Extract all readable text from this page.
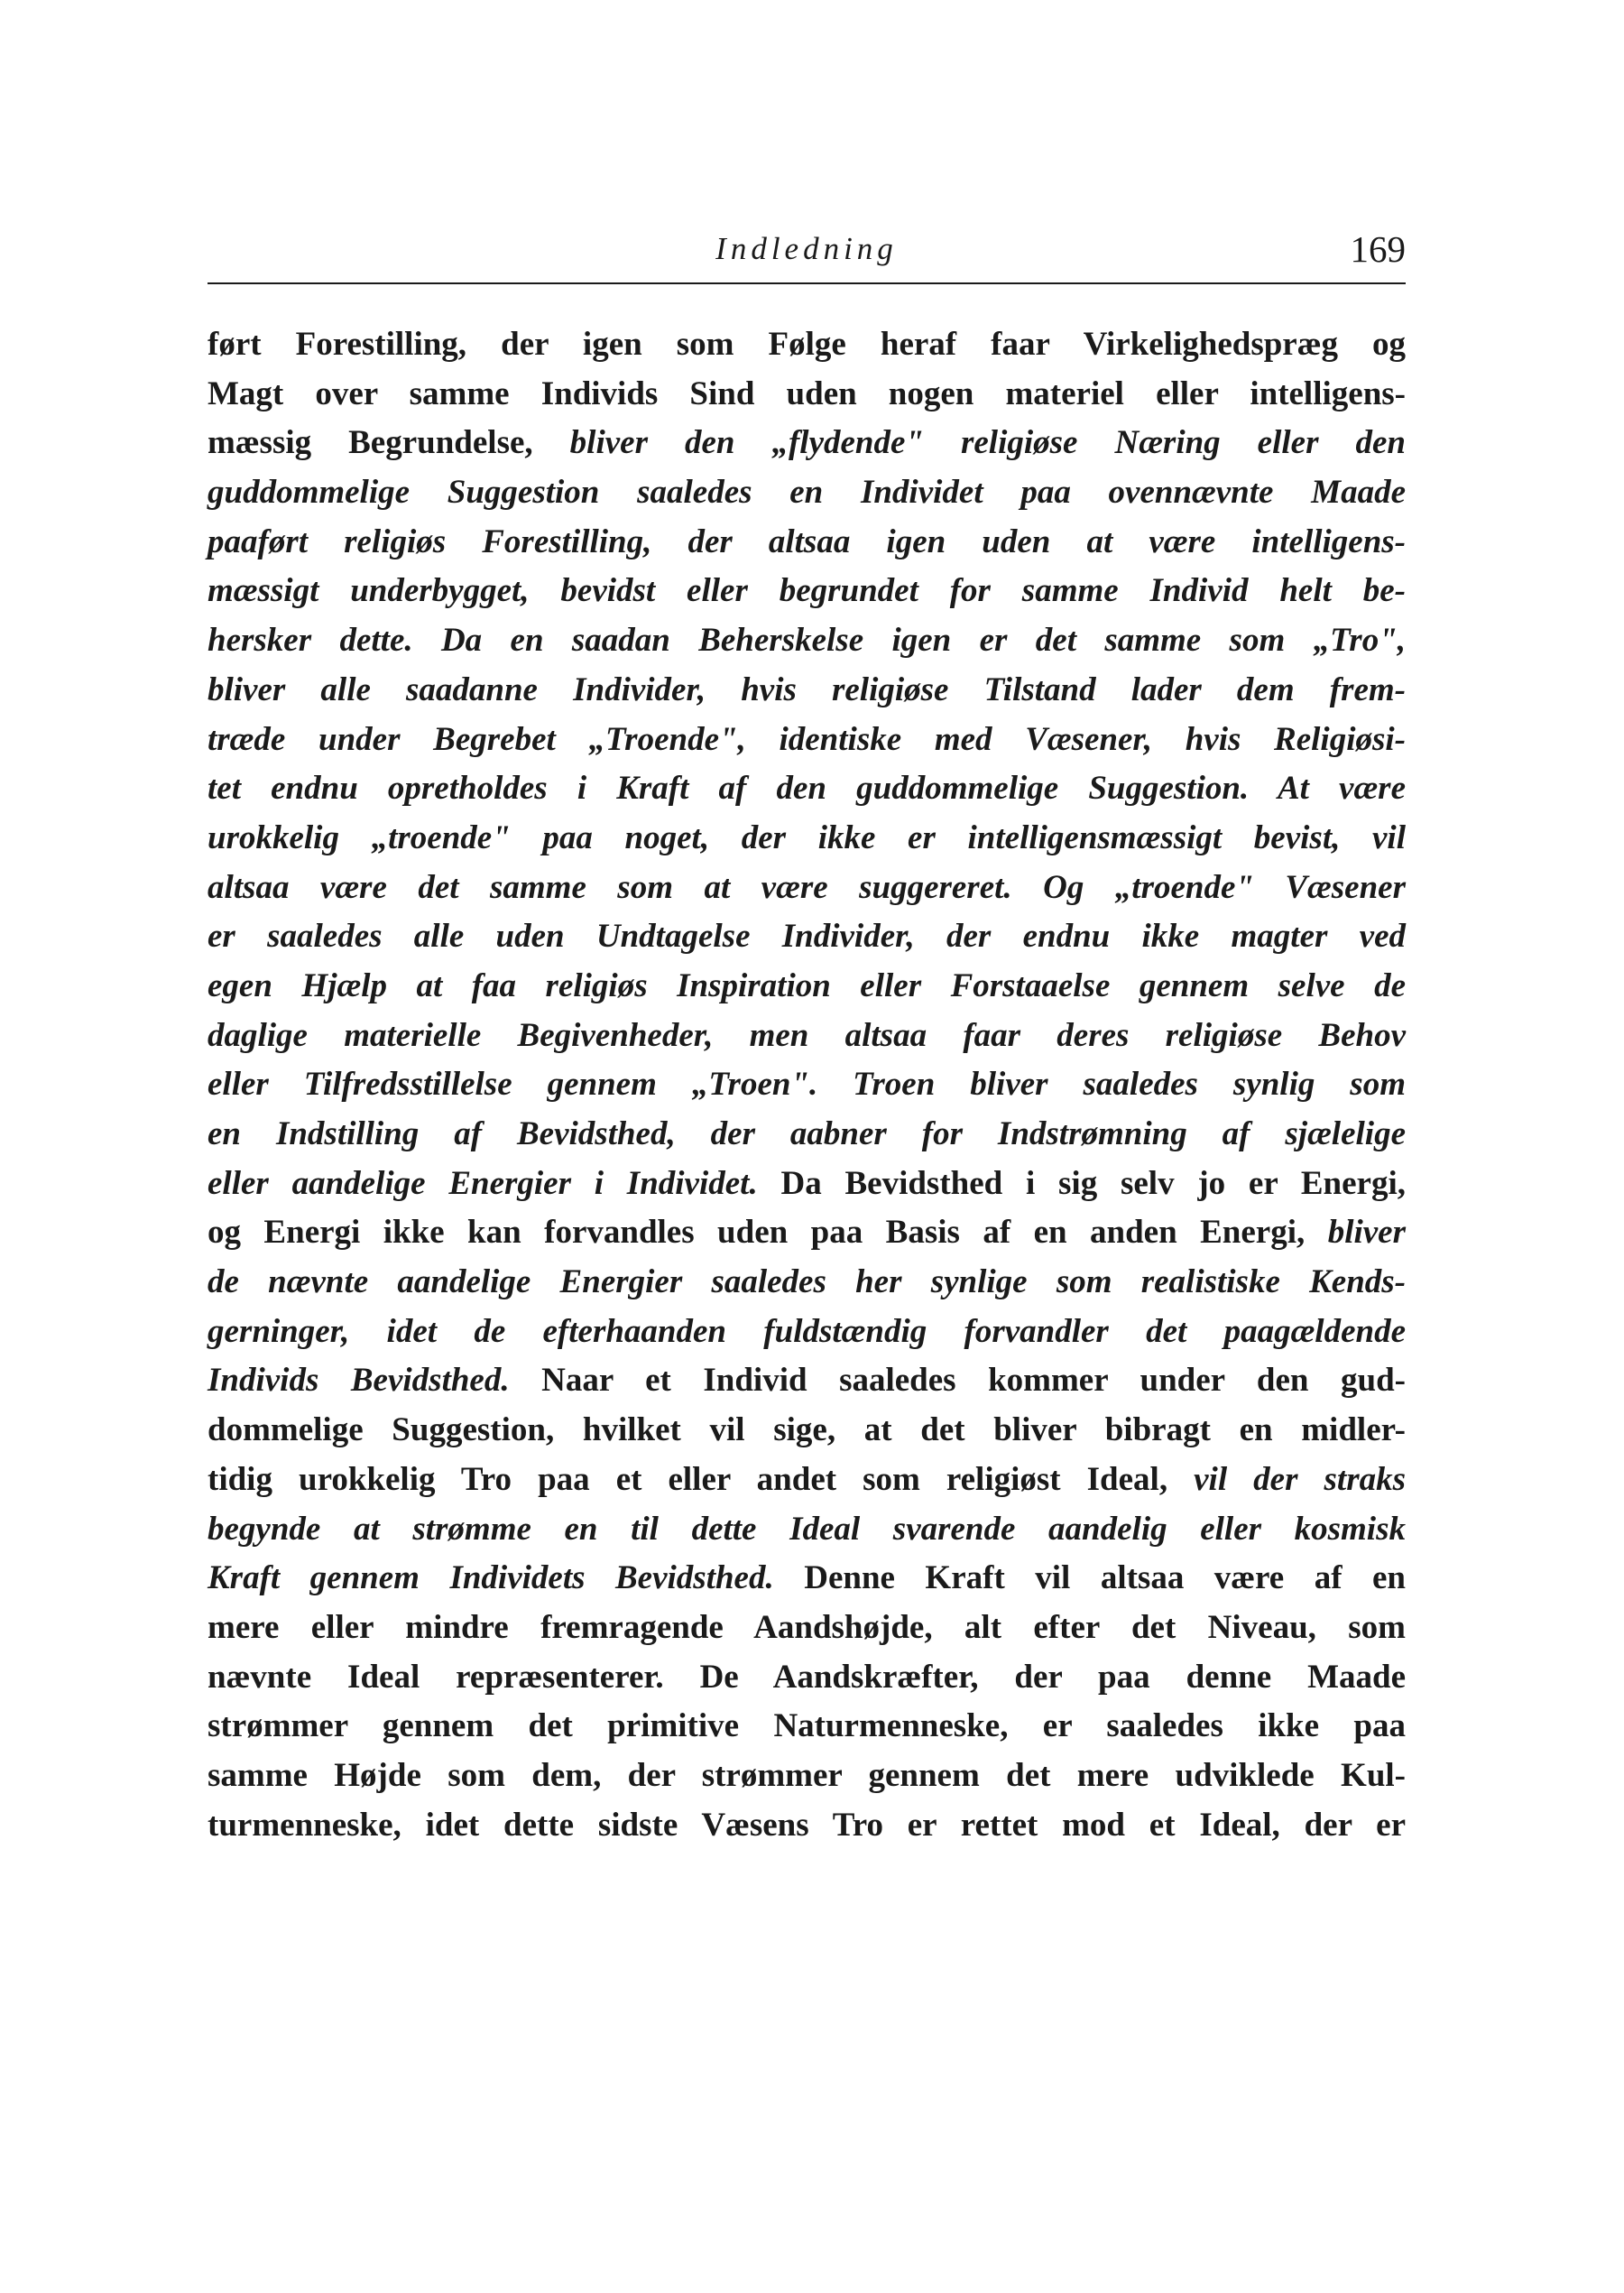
Indledning	169
ført Forestilling, der igen som Følge heraf faar Virkelighedspræg og
Magt over samme Individs Sind uden nogen materiel eller intelligens-
mæssig Begrundelse, bliver den „flydende" religiøse Næring eller den
guddommelige Suggestion saaledes en Individet paa ovennævnte Maade
paaført religiøs Forestilling, der altsaa igen uden at være intelligens-
mæssigt underbygget, bevidst eller begrundet for samme Individ helt be-
hersker dette. Da en saadan Beherskelse igen er det samme som „Tro",
bliver alle saadanne Individer, hvis religiøse Tilstand lader dem frem-
træde under Begrebet „Troende", identiske med Væsener, hvis Religiøsi-
tet endnu opretholdes i Kraft af den guddommelige Suggestion. At være
urokkelig „troende" paa noget, der ikke er intelligensmæssigt bevist, vil
altsaa være det samme som at være suggereret. Og „troende" Væsener
er saaledes alle uden Undtagelse Individer, der endnu ikke magter ved
egen Hjælp at faa religiøs Inspiration eller Forstaaelse gennem selve de
daglige materielle Begivenheder, men altsaa faar deres religiøse Behov
eller Tilfredsstillelse gennem „Troen". Troen bliver saaledes synlig som
en Indstilling af Bevidsthed, der aabner for Indstrømning af sjælelige
eller aandelige Energier i Individet. Da Bevidsthed i sig selv jo er Energi,
og Energi ikke kan forvandles uden paa Basis af en anden Energi, bliver
de nævnte aandelige Energier saaledes her synlige som realistiske Kends-
gerninger, idet de efterhaanden fuldstændig forvandler det paagældende
Individs Bevidsthed. Naar et Individ saaledes kommer under den gud-
dommelige Suggestion, hvilket vil sige, at det bliver bibragt en midler-
tidig urokkelig Tro paa et eller andet som religiøst Ideal, vil der straks
begynde at strømme en til dette Ideal svarende aandelig eller kosmisk
Kraft gennem Individets Bevidsthed. Denne Kraft vil altsaa være af en
mere eller mindre fremragende Aandshøjde, alt efter det Niveau, som
nævnte Ideal repræsenterer. De Aandskræfter, der paa denne Maade
strømmer gennem det primitive Naturmenneske, er saaledes ikke paa
samme Højde som dem, der strømmer gennem det mere udviklede Kul-
turmenneske, idet dette sidste Væsens Tro er rettet mod et Ideal, der er
